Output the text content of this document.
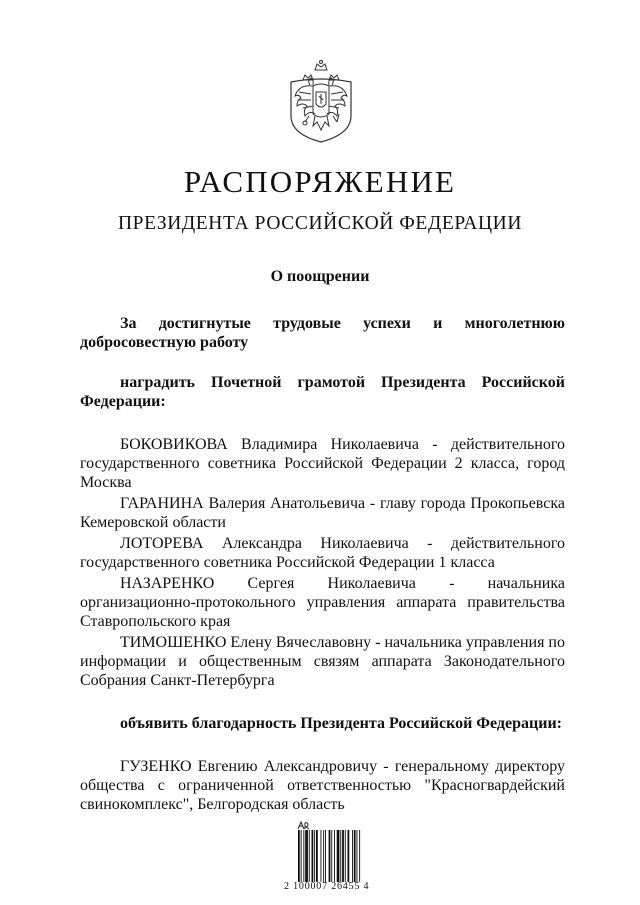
РАСПОРЯЖЕНИЕ
ПРЕЗИДЕНТА РОССИЙСКОЙ ФЕДЕРАЦИИ
О поощрении

За достигнутые трудовые успехи и многолетнюю добросовестную работу

наградить Почетной грамотой Президента Российской Федерации:

БОКОВИКОВА Владимира Николаевича - действительного государственного советника Российской Федерации 2 класса, город Москва

ГАРАНИНА Валерия Анатольевича - главу города Прокопьевска Кемеровской области

ЛОТОРЕВА Александра Николаевича - действительного государственного советника Российской Федерации 1 класса

НАЗАРЕНКО Сергея Николаевича - начальника организационно-протокольного управления аппарата правительства Ставропольского края

ТИМОШЕНКО Елену Вячеславовну - начальника управления по информации и общественным связям аппарата Законодательного Собрания Санкт-Петербурга

объявить благодарность Президента Российской Федерации:

ГУЗЕНКО Евгению Александровичу - генеральному директору общества с ограниченной ответственностью "Красногвардейский свинокомплекс", Белгородская область

2 100007 26455 4
